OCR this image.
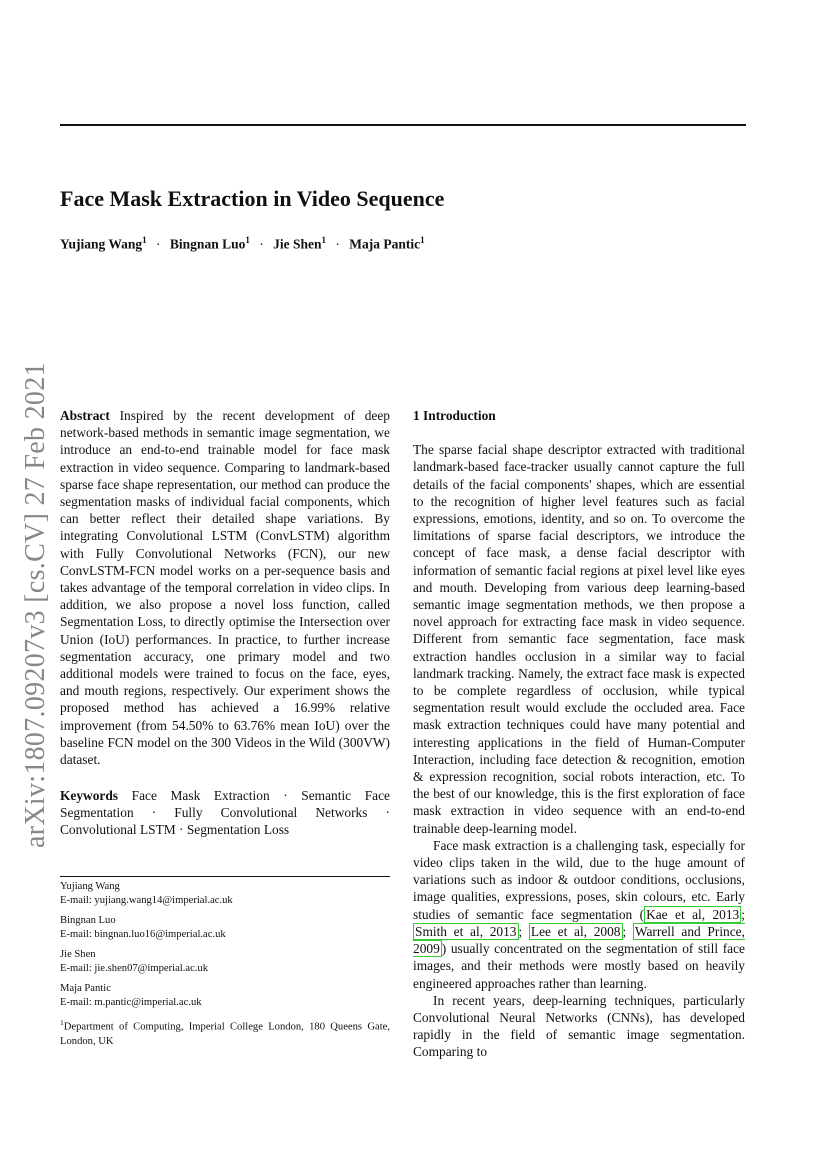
arXiv:1807.09207v3 [cs.CV] 27 Feb 2021
Face Mask Extraction in Video Sequence
Yujiang Wang$^1$ · Bingnan Luo$^1$ · Jie Shen$^1$ · Maja Pantic$^1$
Abstract Inspired by the recent development of deep network-based methods in semantic image segmentation, we introduce an end-to-end trainable model for face mask extraction in video sequence. Comparing to landmark-based sparse face shape representation, our method can produce the segmentation masks of individual facial components, which can better reflect their detailed shape variations. By integrating Convolutional LSTM (ConvLSTM) algorithm with Fully Convolutional Networks (FCN), our new ConvLSTM-FCN model works on a per-sequence basis and takes advantage of the temporal correlation in video clips. In addition, we also propose a novel loss function, called Segmentation Loss, to directly optimise the Intersection over Union (IoU) performances. In practice, to further increase segmentation accuracy, one primary model and two additional models were trained to focus on the face, eyes, and mouth regions, respectively. Our experiment shows the proposed method has achieved a 16.99% relative improvement (from 54.50% to 63.76% mean IoU) over the baseline FCN model on the 300 Videos in the Wild (300VW) dataset.
Keywords Face Mask Extraction · Semantic Face Segmentation · Fully Convolutional Networks · Convolutional LSTM · Segmentation Loss
Yujiang Wang
E-mail: yujiang.wang14@imperial.ac.uk
Bingnan Luo
E-mail: bingnan.luo16@imperial.ac.uk
Jie Shen
E-mail: jie.shen07@imperial.ac.uk
Maja Pantic
E-mail: m.pantic@imperial.ac.uk
$^1$Department of Computing, Imperial College London, 180 Queens Gate, London, UK
1 Introduction

The sparse facial shape descriptor extracted with traditional landmark-based face-tracker usually cannot capture the full details of the facial components' shapes, which are essential to the recognition of higher level features such as facial expressions, emotions, identity, and so on. To overcome the limitations of sparse facial descriptors, we introduce the concept of face mask, a dense facial descriptor with information of semantic facial regions at pixel level like eyes and mouth. Developing from various deep learning-based semantic image segmentation methods, we then propose a novel approach for extracting face mask in video sequence. Different from semantic face segmentation, face mask extraction handles occlusion in a similar way to facial landmark tracking. Namely, the extract face mask is expected to be complete regardless of occlusion, while typical segmentation result would exclude the occluded area. Face mask extraction techniques could have many potential and interesting applications in the field of Human-Computer Interaction, including face detection & recognition, emotion & expression recognition, social robots interaction, etc. To the best of our knowledge, this is the first exploration of face mask extraction in video sequence with an end-to-end trainable deep-learning model.

Face mask extraction is a challenging task, especially for video clips taken in the wild, due to the huge amount of variations such as indoor & outdoor conditions, occlusions, image qualities, expressions, poses, skin colours, etc. Early studies of semantic face segmentation ( Kae et al, 2013 ; Smith et al, 2013 ; Lee et al, 2008 ; Warrell and Prince, 2009 ) usually concentrated on the segmentation of still face images, and their methods were mostly based on heavily engineered approaches rather than learning.

In recent years, deep-learning techniques, particularly Convolutional Neural Networks (CNNs), has developed rapidly in the field of semantic image segmentation. Comparing to
